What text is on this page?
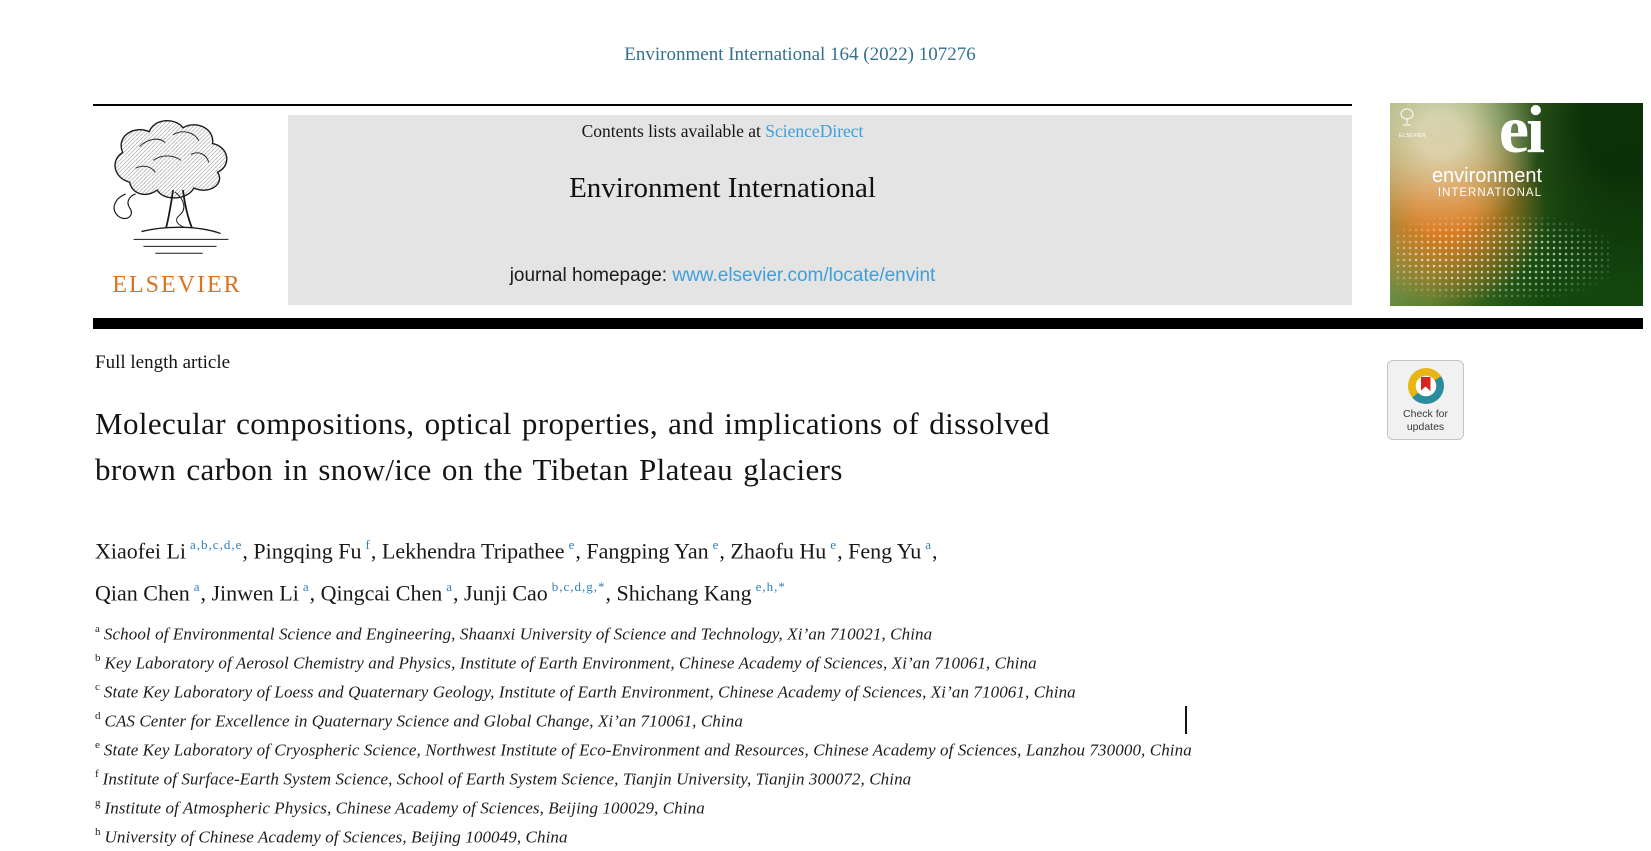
Environment International 164 (2022) 107276
ELSEVIER
Contents lists available at ScienceDirect
Environment International
journal homepage: www.elsevier.com/locate/envint
ELSEVIER	ei
environment
INTERNATIONAL
Full length article
Molecular compositions, optical properties, and implications of dissolved
brown carbon in snow/ice on the Tibetan Plateau glaciers
Xiaofei Li $^{a,b,c,d,e}$, Pingqing Fu $^f$, Lekhendra Tripathee $^e$, Fangping Yan $^e$, Zhaofu Hu $^e$, Feng Yu $^a$,
Qian Chen $^a$, Jinwen Li $^a$, Qingcai Chen $^a$, Junji Cao $^{b,c,d,g,*}$, Shichang Kang $^{e,h,*}$
$^a$ School of Environmental Science and Engineering, Shaanxi University of Science and Technology, Xi’an 710021, China
$^b$ Key Laboratory of Aerosol Chemistry and Physics, Institute of Earth Environment, Chinese Academy of Sciences, Xi’an 710061, China
$^c$ State Key Laboratory of Loess and Quaternary Geology, Institute of Earth Environment, Chinese Academy of Sciences, Xi’an 710061, China
$^d$ CAS Center for Excellence in Quaternary Science and Global Change, Xi’an 710061, China
$^e$ State Key Laboratory of Cryospheric Science, Northwest Institute of Eco-Environment and Resources, Chinese Academy of Sciences, Lanzhou 730000, China
$^f$ Institute of Surface-Earth System Science, School of Earth System Science, Tianjin University, Tianjin 300072, China
$^g$ Institute of Atmospheric Physics, Chinese Academy of Sciences, Beijing 100029, China
$^h$ University of Chinese Academy of Sciences, Beijing 100049, China
Check for
updates
